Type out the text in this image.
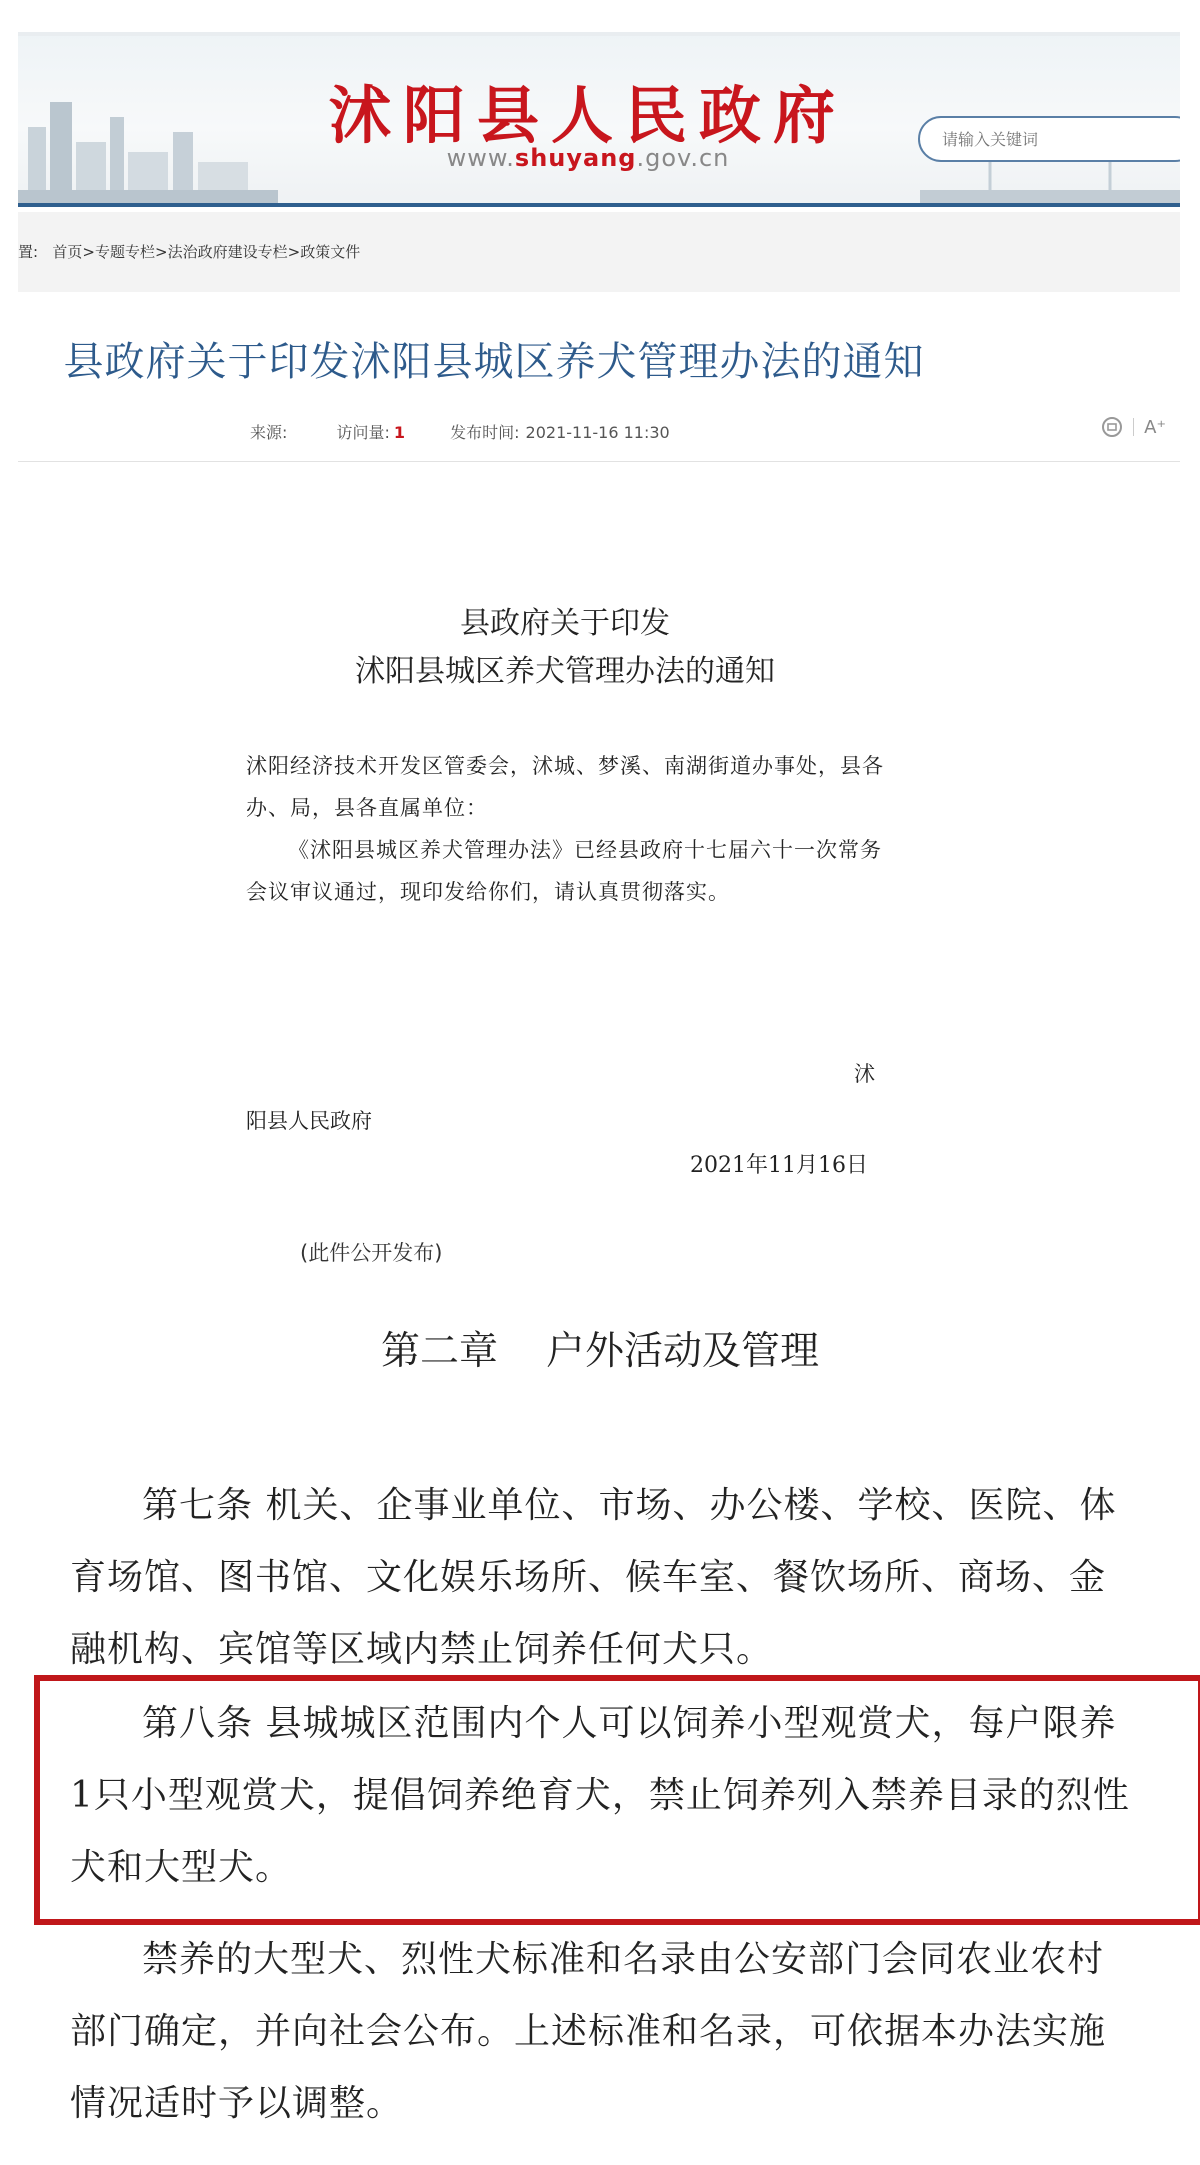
沭阳县人民政府
www.shuyang.gov.cn
请输入关键词
置: 首页>专题专栏>法治政府建设专栏>政策文件
县政府关于印发沭阳县城区养犬管理办法的通知
来源:	访问量: 1	发布时间: 2021-11-16 11:30	A⁺
县政府关于印发
沭阳县城区养犬管理办法的通知

沭阳经济技术开发区管委会，沭城、梦溪、南湖街道办事处，县各办、局，县各直属单位：

《沭阳县城区养犬管理办法》已经县政府十七届六十一次常务会议审议通过，现印发给你们，请认真贯彻落实。

沭
阳县人民政府
2021年11月16日
(此件公开发布)
第二章 户外活动及管理

第七条 机关、企事业单位、市场、办公楼、学校、医院、体育场馆、图书馆、文化娱乐场所、候车室、餐饮场所、商场、金融机构、宾馆等区域内禁止饲养任何犬只。

第八条 县城城区范围内个人可以饲养小型观赏犬，每户限养1只小型观赏犬，提倡饲养绝育犬，禁止饲养列入禁养目录的烈性犬和大型犬。

禁养的大型犬、烈性犬标准和名录由公安部门会同农业农村部门确定，并向社会公布。上述标准和名录，可依据本办法实施情况适时予以调整。
